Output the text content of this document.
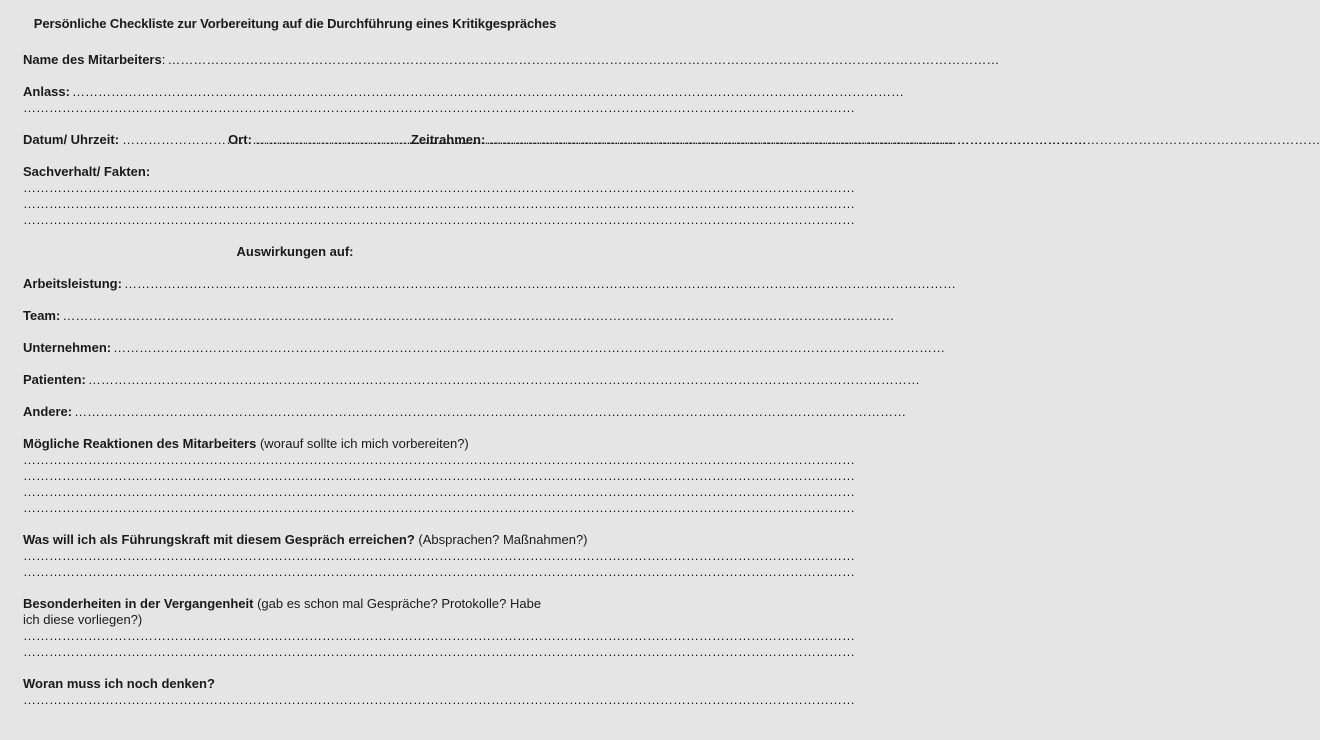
Persönliche Checkliste zur Vorbereitung auf die Durchführung eines Kritikgespräches
Name des Mitarbeiters :
…………………………………………………………………………………………………………………………………………………………………………
Anlass:
…………………………………………………………………………………………………………………………………………………………………………
…………………………………………………………………………………………………………………………………………………………………………
Datum/ Uhrzeit: …………………………………………………………………………………………………………………………………………………………………………	Ort: …………………………………………………………………………………………………………………………………………………………………………	Zeitrahmen:
…………………………………………………………………………………………………………………………………………………………………………
Sachverhalt/ Fakten:
…………………………………………………………………………………………………………………………………………………………………………
…………………………………………………………………………………………………………………………………………………………………………
…………………………………………………………………………………………………………………………………………………………………………
Auswirkungen auf:
Arbeitsleistung:
…………………………………………………………………………………………………………………………………………………………………………
Team:
…………………………………………………………………………………………………………………………………………………………………………
Unternehmen:
…………………………………………………………………………………………………………………………………………………………………………
Patienten:
…………………………………………………………………………………………………………………………………………………………………………
Andere:
…………………………………………………………………………………………………………………………………………………………………………
Mögliche Reaktionen des Mitarbeiters (worauf sollte ich mich vorbereiten?)
…………………………………………………………………………………………………………………………………………………………………………
…………………………………………………………………………………………………………………………………………………………………………
…………………………………………………………………………………………………………………………………………………………………………
…………………………………………………………………………………………………………………………………………………………………………
Was will ich als Führungskraft mit diesem Gespräch erreichen? (Absprachen? Maßnahmen?)
…………………………………………………………………………………………………………………………………………………………………………
…………………………………………………………………………………………………………………………………………………………………………
Besonderheiten in der Vergangenheit (gab es schon mal Gespräche? Protokolle? Habe ich diese vorliegen?)
…………………………………………………………………………………………………………………………………………………………………………
…………………………………………………………………………………………………………………………………………………………………………
Woran muss ich noch denken?
…………………………………………………………………………………………………………………………………………………………………………
